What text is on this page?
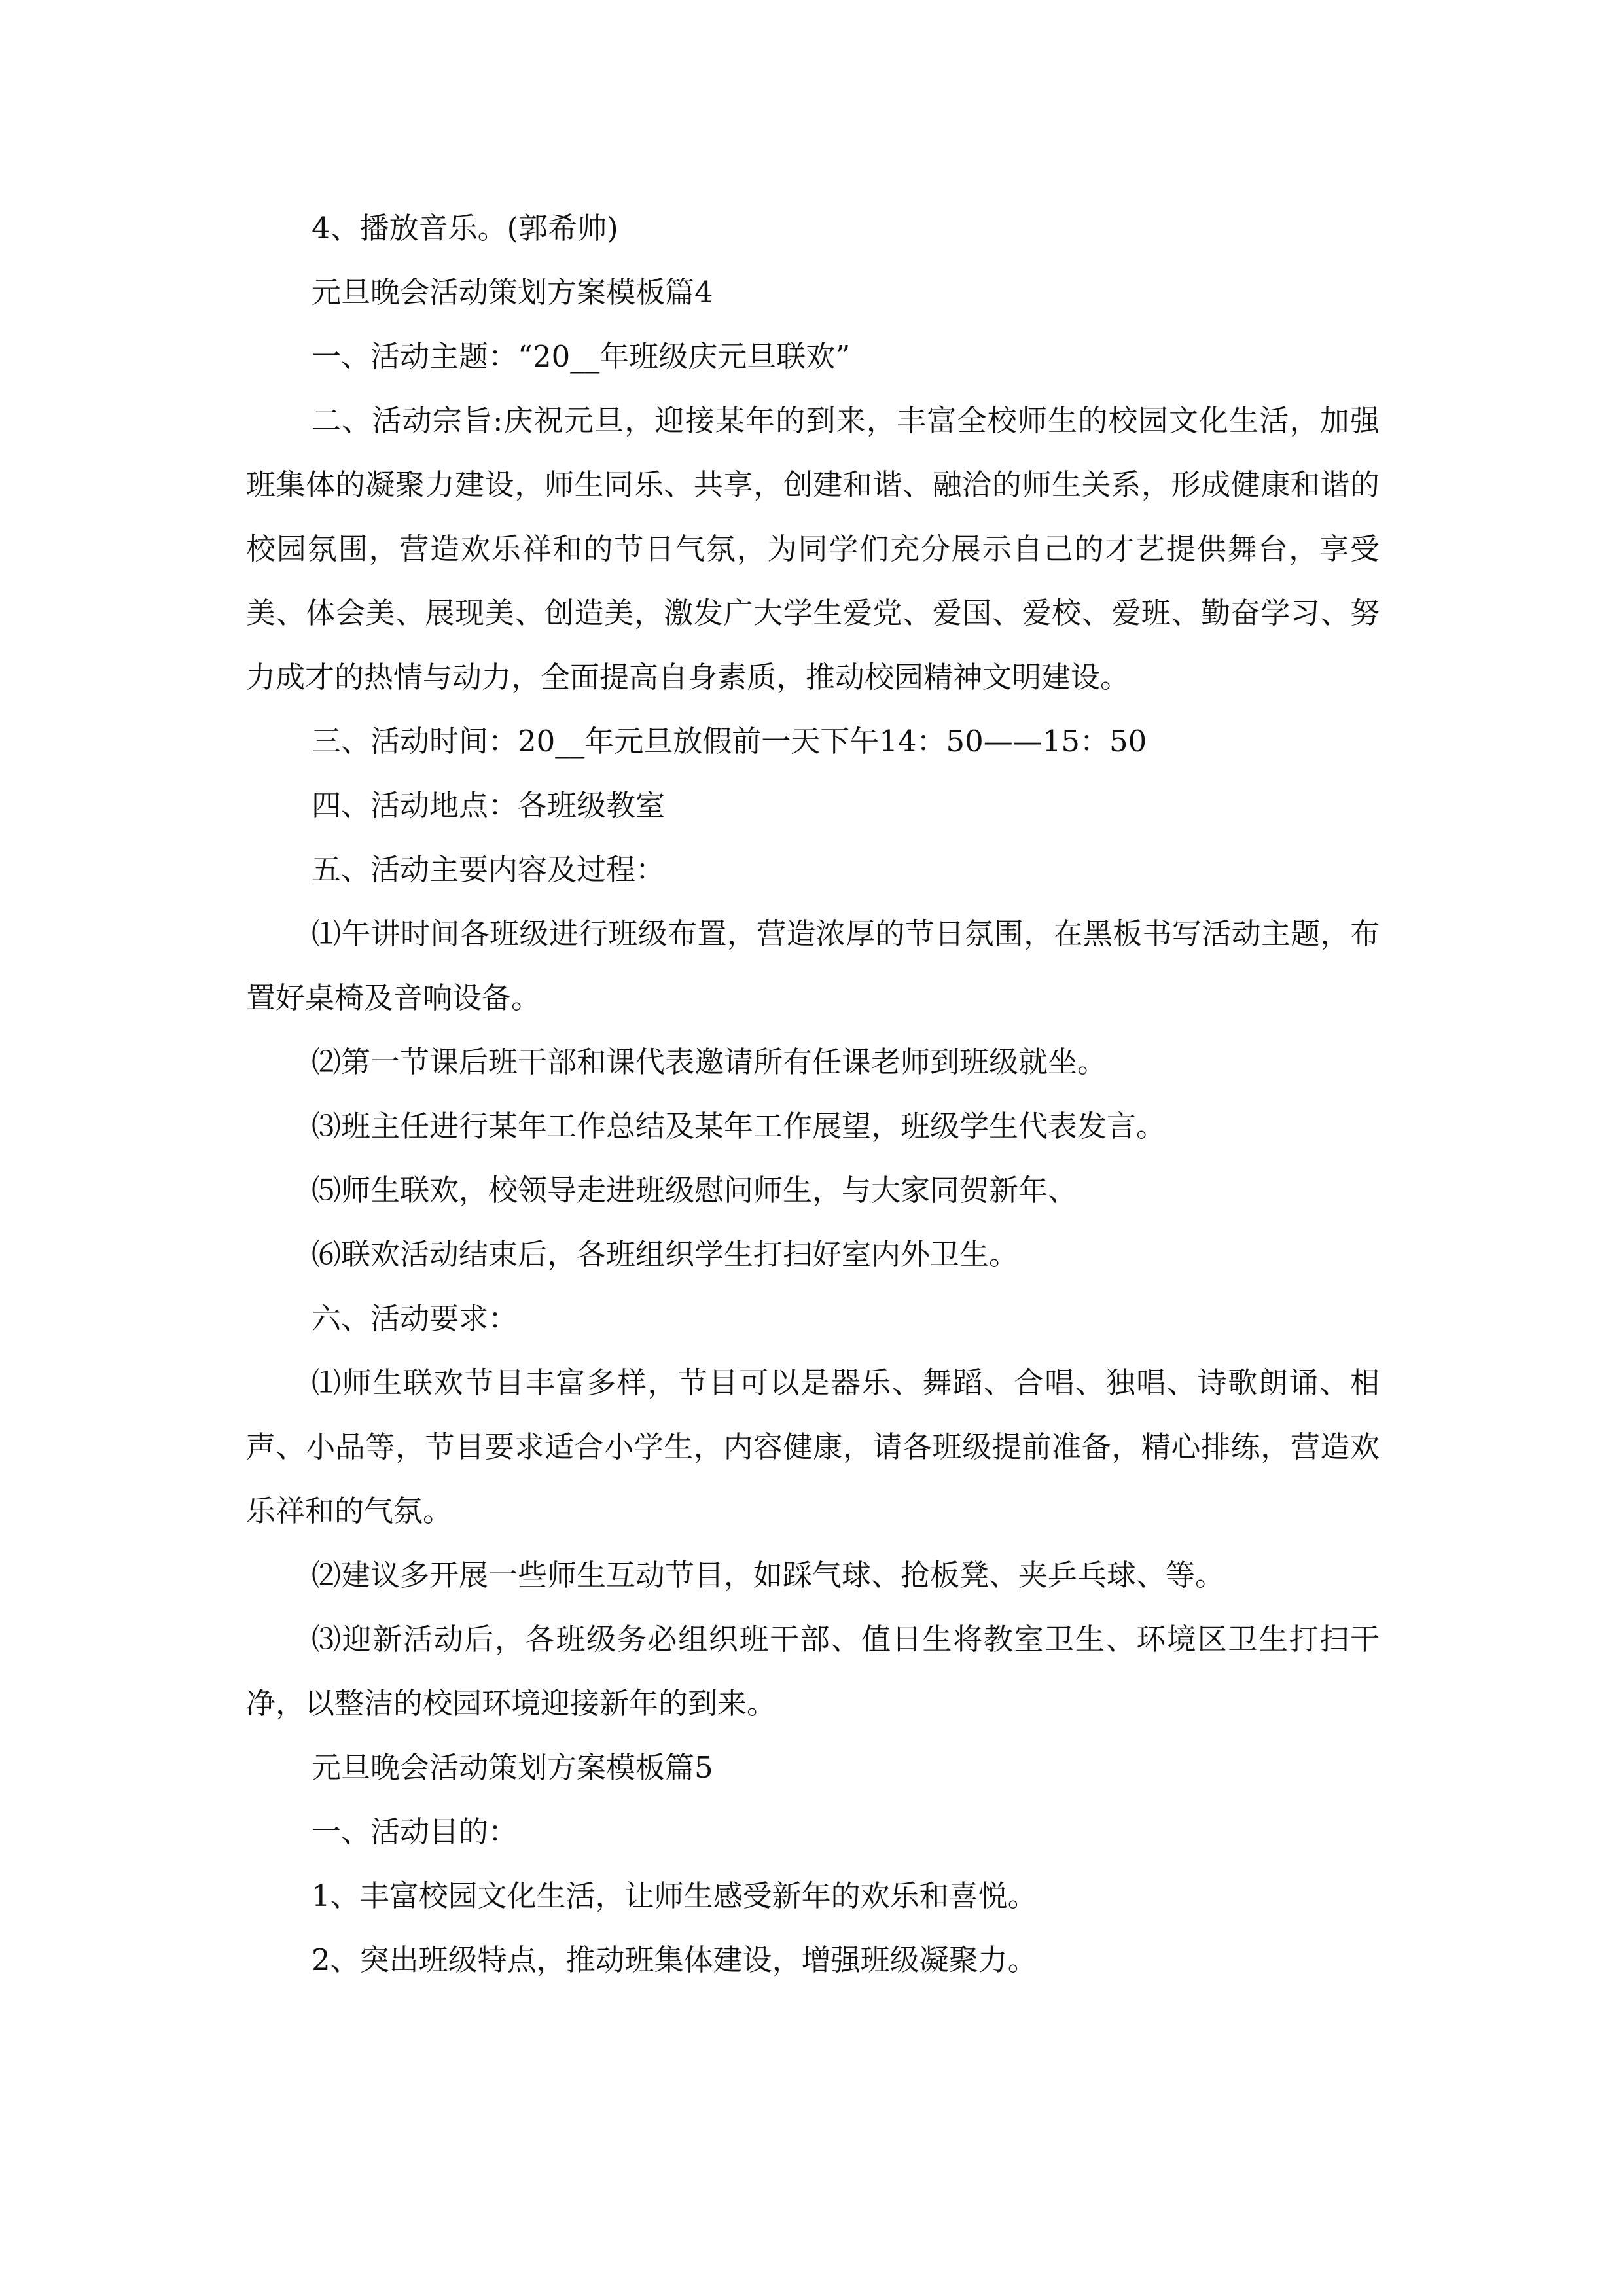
4、播放音乐。(郭希帅)

元旦晚会活动策划方案模板篇4

一、活动主题：“20__年班级庆元旦联欢”

二、活动宗旨:庆祝元旦，迎接某年的到来，丰富全校师生的校园文化生活，加强班集体的凝聚力建设，师生同乐、共享，创建和谐、融洽的师生关系，形成健康和谐的校园氛围，营造欢乐祥和的节日气氛，为同学们充分展示自己的才艺提供舞台，享受美、体会美、展现美、创造美，激发广大学生爱党、爱国、爱校、爱班、勤奋学习、努力成才的热情与动力，全面提高自身素质，推动校园精神文明建设。

三、活动时间：20__年元旦放假前一天下午14：50——15：50

四、活动地点：各班级教室

五、活动主要内容及过程：

⑴午讲时间各班级进行班级布置，营造浓厚的节日氛围，在黑板书写活动主题，布置好桌椅及音响设备。

⑵第一节课后班干部和课代表邀请所有任课老师到班级就坐。

⑶班主任进行某年工作总结及某年工作展望，班级学生代表发言。

⑸师生联欢，校领导走进班级慰问师生，与大家同贺新年、

⑹联欢活动结束后，各班组织学生打扫好室内外卫生。

六、活动要求：

⑴师生联欢节目丰富多样，节目可以是器乐、舞蹈、合唱、独唱、诗歌朗诵、相声、小品等，节目要求适合小学生，内容健康，请各班级提前准备，精心排练，营造欢乐祥和的气氛。

⑵建议多开展一些师生互动节目，如踩气球、抢板凳、夹乒乓球、等。

⑶迎新活动后，各班级务必组织班干部、值日生将教室卫生、环境区卫生打扫干净，以整洁的校园环境迎接新年的到来。

元旦晚会活动策划方案模板篇5

一、活动目的：

1、丰富校园文化生活，让师生感受新年的欢乐和喜悦。

2、突出班级特点，推动班集体建设，增强班级凝聚力。
